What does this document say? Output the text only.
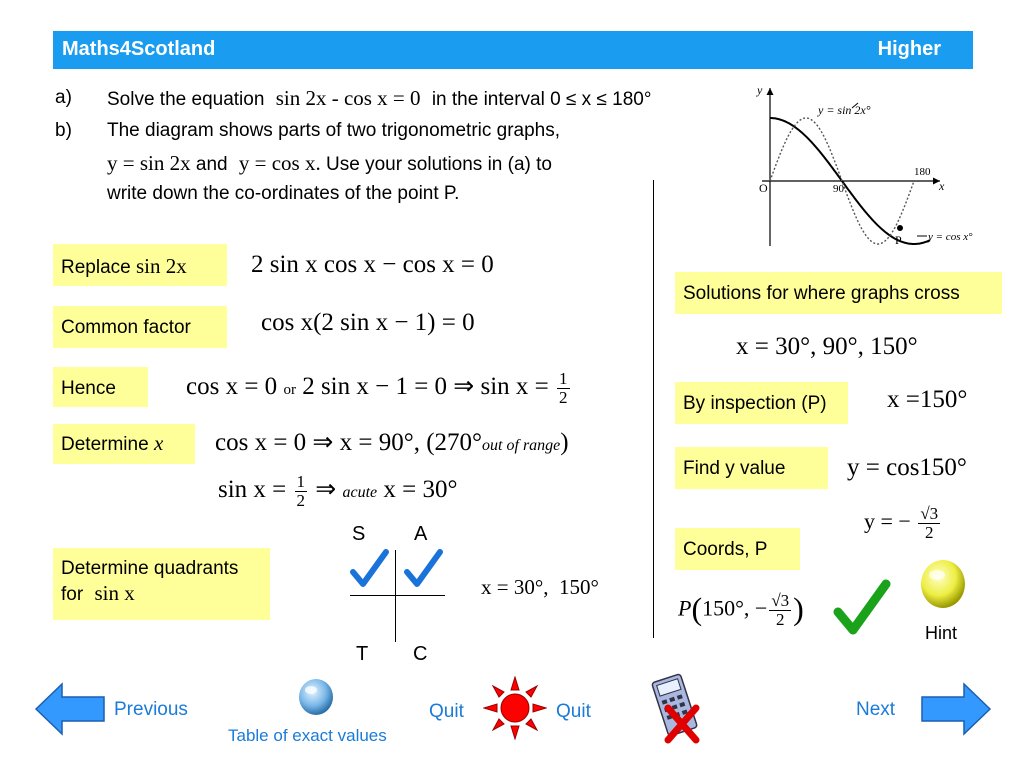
Maths4Scotland	Higher
a) Solve the equation sin 2x - cos x = 0 in the interval 0 ≤ x ≤ 180°
b) The diagram shows parts of two trigonometric graphs,
y = sin 2x and y = cos x. Use your solutions in (a) to
write down the co-ordinates of the point P.
y
x
O	90
180
y = sin 2x°
P y = cos x°
Replace sin 2x	2 sin x cos x − cos x = 0
Common factor	cos x(2 sin x − 1) = 0
Hence	cos x = 0 or 2 sin x − 1 = 0 ⇒ $\sin x = \frac{1}{2}$
Determine x	cos x = 0 ⇒ x = 90°, (270°out of range)
$\sin x = \frac{1}{2}$ ⇒ acute x = 30°
Determine quadrants
for sin x
S A
T C
x = 30°,  150°
Solutions for where graphs cross
x = 30°, 90°, 150°
By inspection (P)	x =150°
Find y value	y = cos150°
y = − $\frac{√3}{2}$
Coords, P
P(150°, − $\frac{√3}{2}$ )
Hint
Previous
Table of exact values
Quit	Quit	Next
